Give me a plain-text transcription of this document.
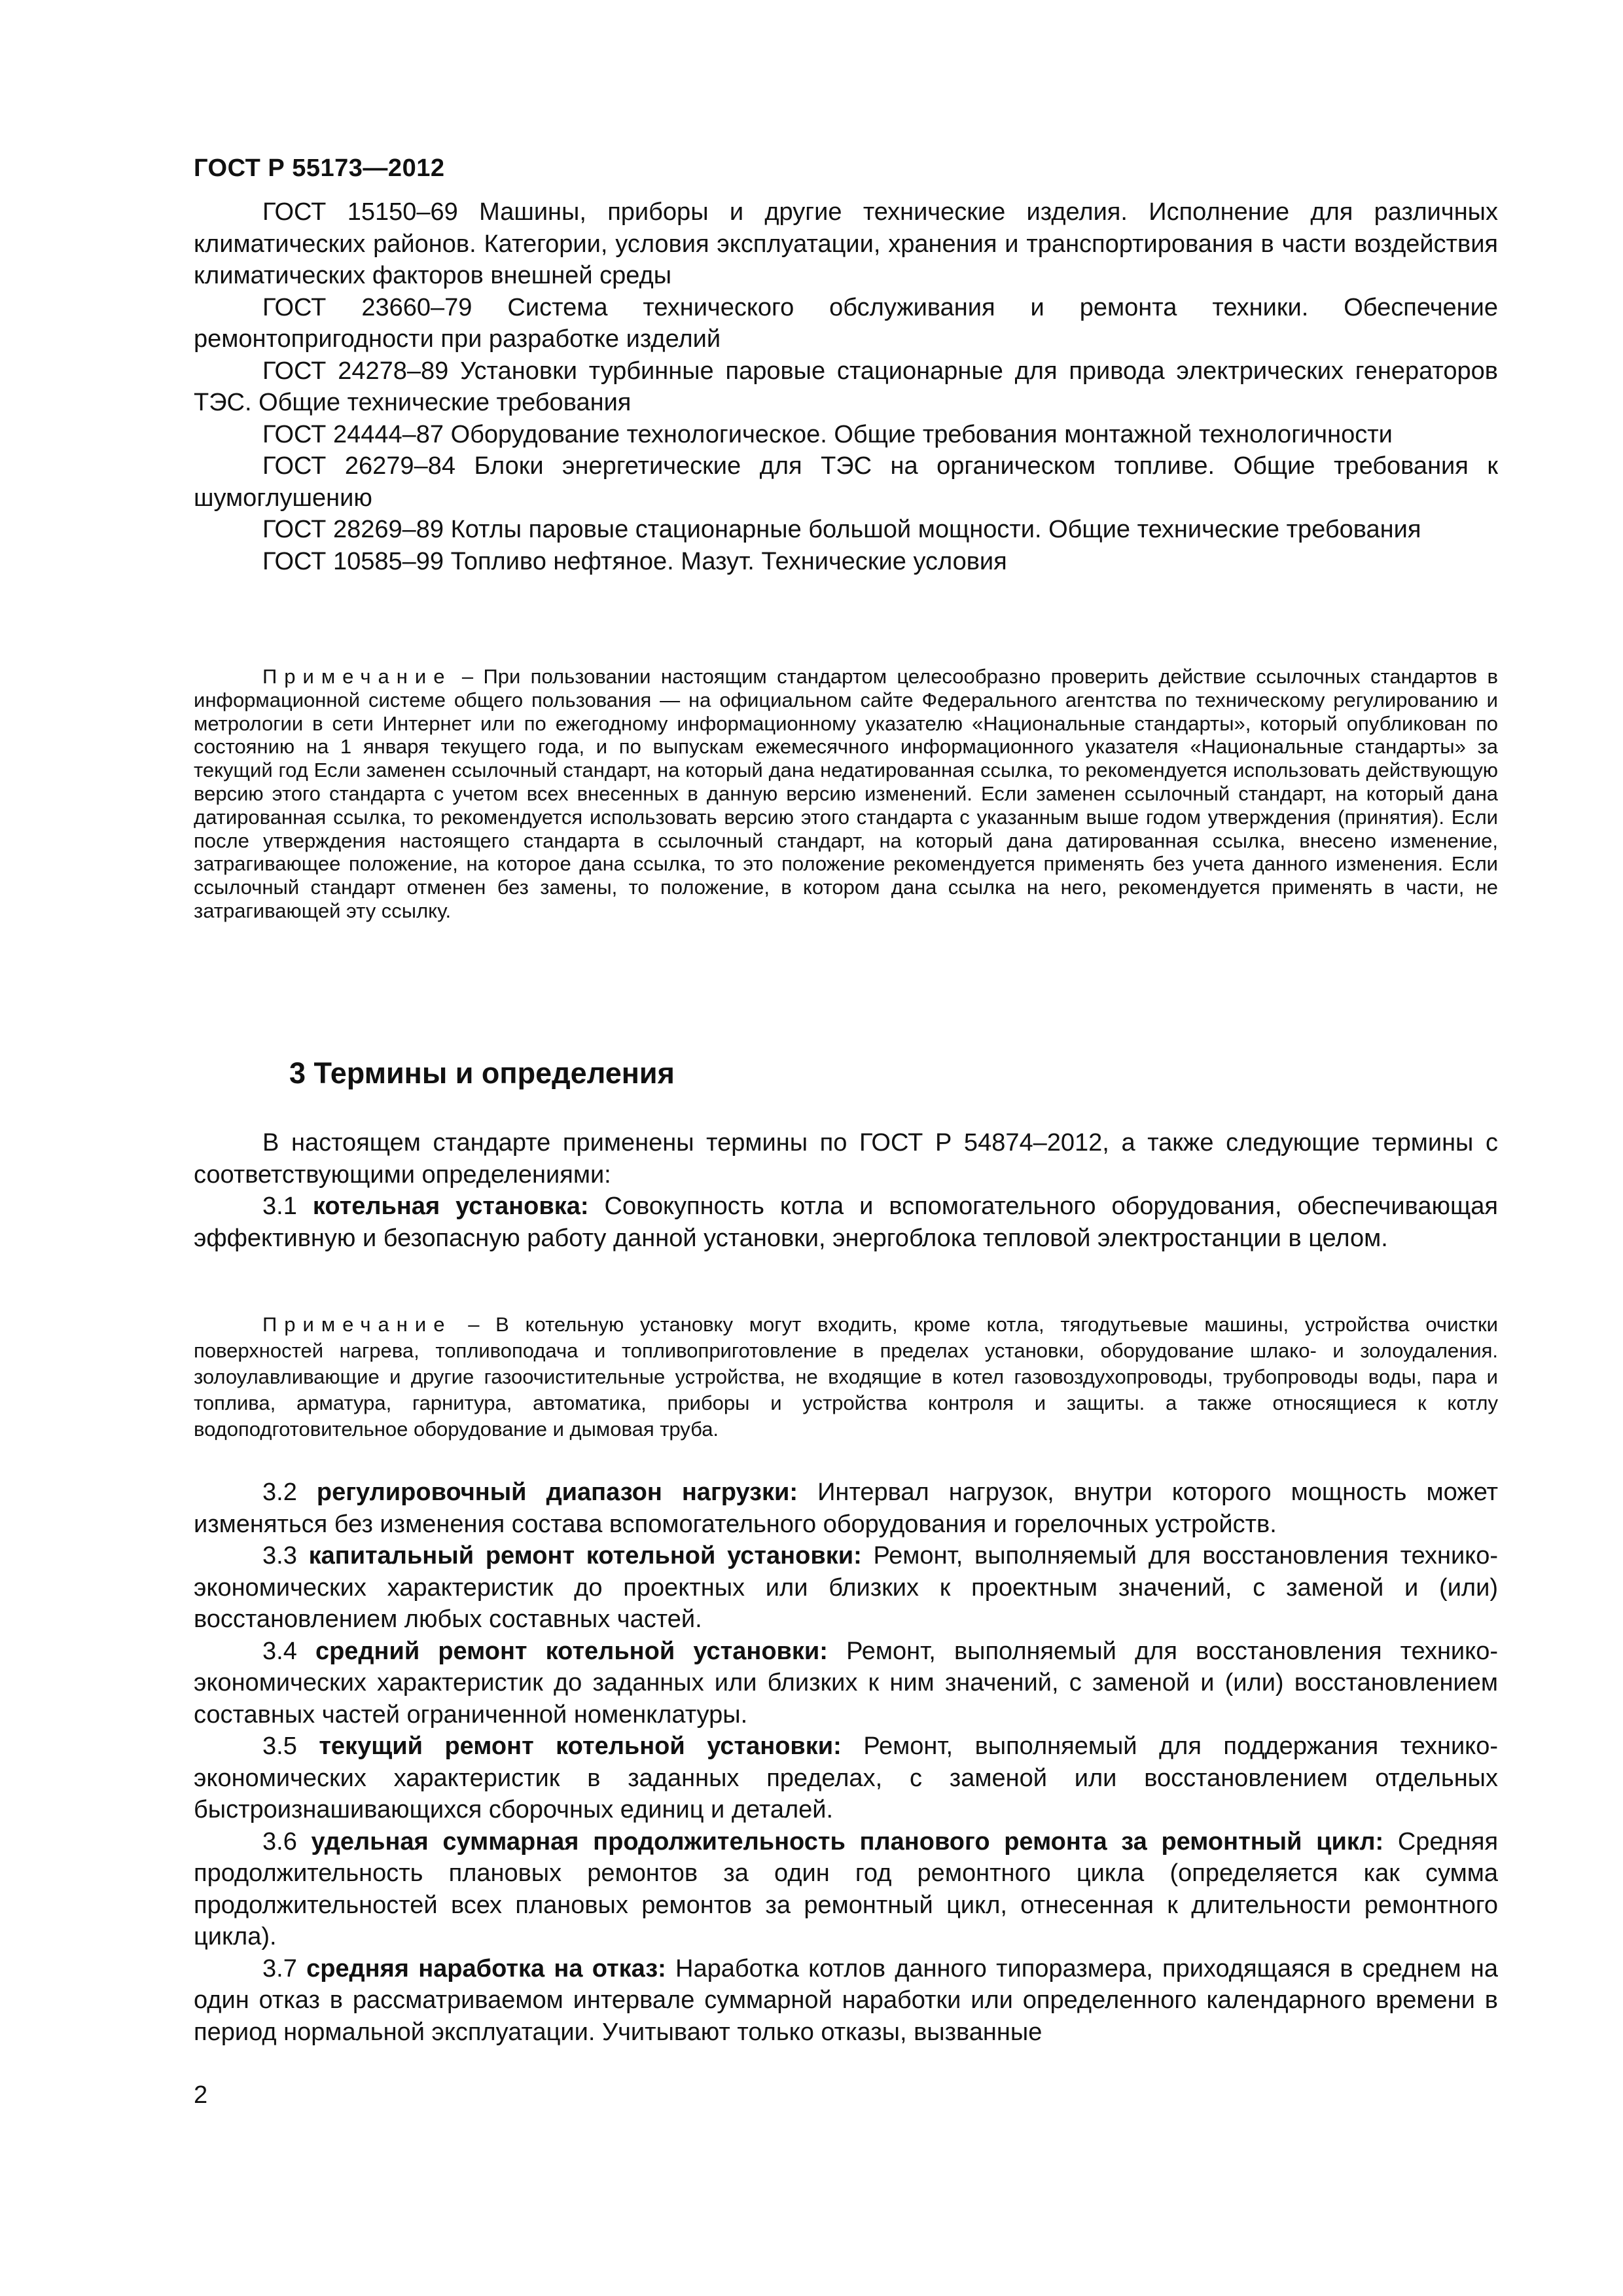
ГОСТ Р 55173—2012

ГОСТ 15150–69 Машины, приборы и другие технические изделия. Исполнение для различных климатических районов. Категории, условия эксплуатации, хранения и транспортирования в части воздействия климатических факторов внешней среды

ГОСТ 23660–79 Система технического обслуживания и ремонта техники. Обеспечение ремонтопригодности при разработке изделий

ГОСТ 24278–89 Установки турбинные паровые стационарные для привода электрических генераторов ТЭС. Общие технические требования

ГОСТ 24444–87 Оборудование технологическое. Общие требования монтажной технологичности

ГОСТ 26279–84 Блоки энергетические для ТЭС на органическом топливе. Общие требования к шумоглушению

ГОСТ 28269–89 Котлы паровые стационарные большой мощности. Общие технические требования

ГОСТ 10585–99 Топливо нефтяное. Мазут. Технические условия

Примечание – При пользовании настоящим стандартом целесообразно проверить действие ссылочных стандартов в информационной системе общего пользования — на официальном сайте Федерального агентства по техническому регулированию и метрологии в сети Интернет или по ежегодному информационному указателю «Национальные стандарты», который опубликован по состоянию на 1 января текущего года, и по выпускам ежемесячного информационного указателя «Национальные стандарты» за текущий год Если заменен ссылочный стандарт, на который дана недатированная ссылка, то рекомендуется использовать действующую версию этого стандарта с учетом всех внесенных в данную версию изменений. Если заменен ссылочный стандарт, на который дана датированная ссылка, то рекомендуется использовать версию этого стандарта с указанным выше годом утверждения (принятия). Если после утверждения настоящего стандарта в ссылочный стандарт, на который дана датированная ссылка, внесено изменение, затрагивающее положение, на которое дана ссылка, то это положение рекомендуется применять без учета данного изменения. Если ссылочный стандарт отменен без замены, то положение, в котором дана ссылка на него, рекомендуется применять в части, не затрагивающей эту ссылку.

3 Термины и определения

В настоящем стандарте применены термины по ГОСТ Р 54874–2012, а также следующие термины с соответствующими определениями:

3.1 котельная установка: Совокупность котла и вспомогательного оборудования, обеспечивающая эффективную и безопасную работу данной установки, энергоблока тепловой электростанции в целом.

Примечание – В котельную установку могут входить, кроме котла, тягодутьевые машины, устройства очистки поверхностей нагрева, топливоподача и топливоприготовление в пределах установки, оборудование шлако- и золоудаления. золоулавливающие и другие газоочистительные устройства, не входящие в котел газовоздухопроводы, трубопроводы воды, пара и топлива, арматура, гарнитура, автоматика, приборы и устройства контроля и защиты. а также относящиеся к котлу водоподготовительное оборудование и дымовая труба.

3.2 регулировочный диапазон нагрузки: Интервал нагрузок, внутри которого мощность может изменяться без изменения состава вспомогательного оборудования и горелочных устройств.

3.3 капитальный ремонт котельной установки: Ремонт, выполняемый для восстановления технико-экономических характеристик до проектных или близких к проектным значений, с заменой и (или) восстановлением любых составных частей.

3.4 средний ремонт котельной установки: Ремонт, выполняемый для восстановления технико-экономических характеристик до заданных или близких к ним значений, с заменой и (или) восстановлением составных частей ограниченной номенклатуры.

3.5 текущий ремонт котельной установки: Ремонт, выполняемый для поддержания технико-экономических характеристик в заданных пределах, с заменой или восстановлением отдельных быстроизнашивающихся сборочных единиц и деталей.

3.6 удельная суммарная продолжительность планового ремонта за ремонтный цикл: Средняя продолжительность плановых ремонтов за один год ремонтного цикла (определяется как сумма продолжительностей всех плановых ремонтов за ремонтный цикл, отнесенная к длительности ремонтного цикла).

3.7 средняя наработка на отказ: Наработка котлов данного типоразмера, приходящаяся в среднем на один отказ в рассматриваемом интервале суммарной наработки или определенного календарного времени в период нормальной эксплуатации. Учитывают только отказы, вызванные

2
